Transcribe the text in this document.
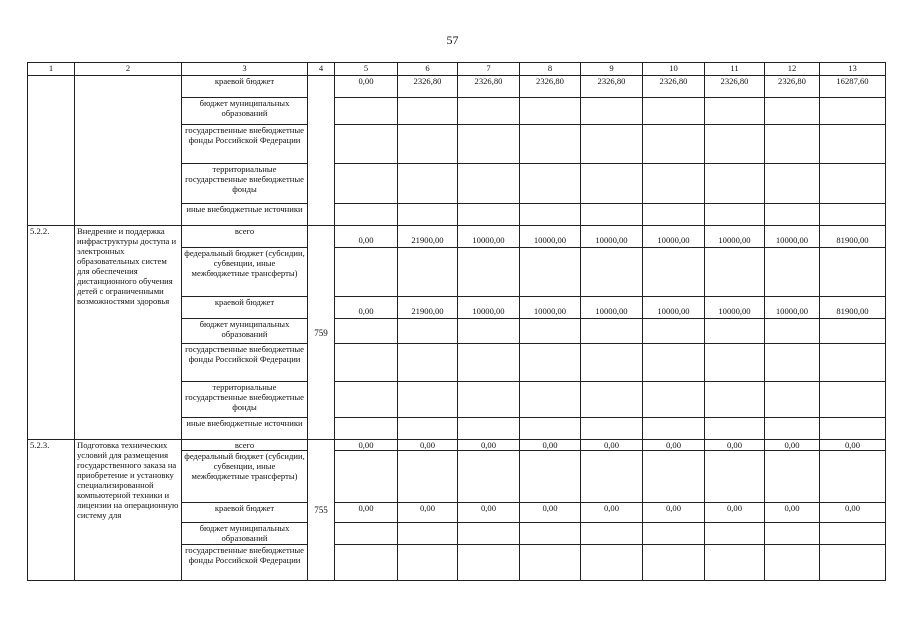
57
1	2	3	4	5	6	7	8	9	10	11	12	13
		краевой бюджет		0,00	2326,80	2326,80	2326,80	2326,80	2326,80	2326,80	2326,80	16287,60

		бюджет муниципальных образований										
		государственные внебюджетные фонды Российской Федерации										
		территориальные государственные внебюджетные фонды										
		иные внебюджетные источники										
5.2.2.	Внедрение и поддержка инфраструктуры доступа и электронных образовательных систем для обеспечения дистанционного обучения детей с ограниченными возможностями здоровья	всего	759	0,00	21900,00	10000,00	10000,00	10000,00	10000,00	10000,00	10000,00	81900,00

		федеральный бюджет (субсидии, субвенции, иные межбюджетные трансферты)										
		краевой бюджет		0,00	21900,00	10000,00	10000,00	10000,00	10000,00	10000,00	10000,00	81900,00

		бюджет муниципальных образований										
		государственные внебюджетные фонды Российской Федерации										
		территориальные государственные внебюджетные фонды										
		иные внебюджетные источники										
5.2.3.	Подготовка технических условий для размещения государственного заказа на приобретение и установку специализированной компьютерной техники и лицензии на операционную систему для	всего	755	0,00	0,00	0,00	0,00	0,00	0,00	0,00	0,00	0,00

		федеральный бюджет (субсидии, субвенции, иные межбюджетные трансферты)										
		краевой бюджет		0,00	0,00	0,00	0,00	0,00	0,00	0,00	0,00	0,00

		бюджет муниципальных образований										
		государственные внебюджетные фонды Российской Федерации										
